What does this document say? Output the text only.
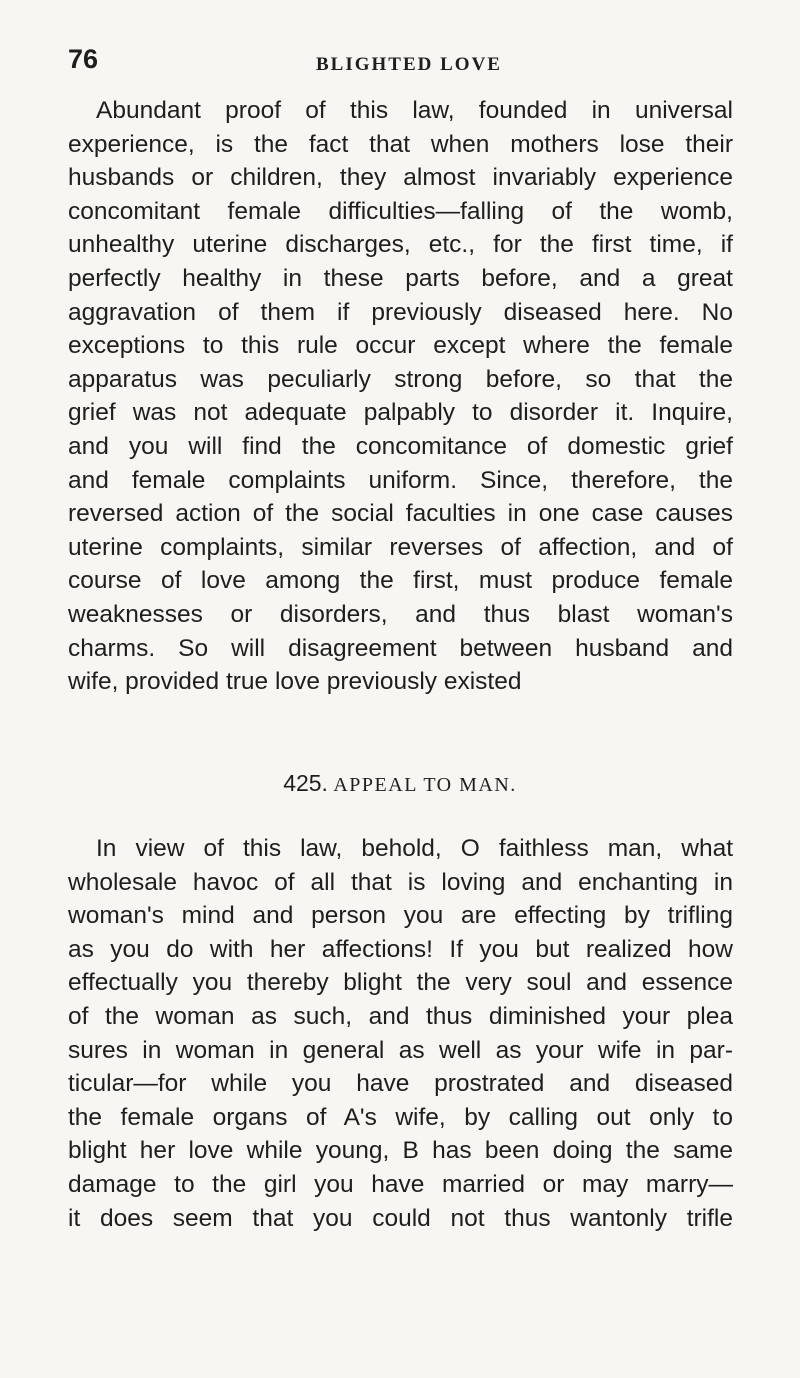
76	BLIGHTED LOVE
Abundant proof of this law, founded in universal
experience, is the fact that when mothers lose their
husbands or children, they almost invariably experience
concomitant female difficulties—falling of the womb,
unhealthy uterine discharges, etc., for the first time, if
perfectly healthy in these parts before, and a great
aggravation of them if previously diseased here. No
exceptions to this rule occur except where the female
apparatus was peculiarly strong before, so that the
grief was not adequate palpably to disorder it. Inquire,
and you will find the concomitance of domestic grief
and female complaints uniform. Since, therefore, the
reversed action of the social faculties in one case causes
uterine complaints, similar reverses of affection, and of
course of love among the first, must produce female
weaknesses or disorders, and thus blast woman's
charms. So will disagreement between husband and
wife, provided true love previously existed
425. APPEAL TO MAN.
In view of this law, behold, O faithless man, what
wholesale havoc of all that is loving and enchanting in
woman's mind and person you are effecting by trifling
as you do with her affections! If you but realized how
effectually you thereby blight the very soul and essence
of the woman as such, and thus diminished your plea
sures in woman in general as well as your wife in par-
ticular—for while you have prostrated and diseased
the female organs of A's wife, by calling out only to
blight her love while young, B has been doing the same
damage to the girl you have married or may marry—
it does seem that you could not thus wantonly trifle
